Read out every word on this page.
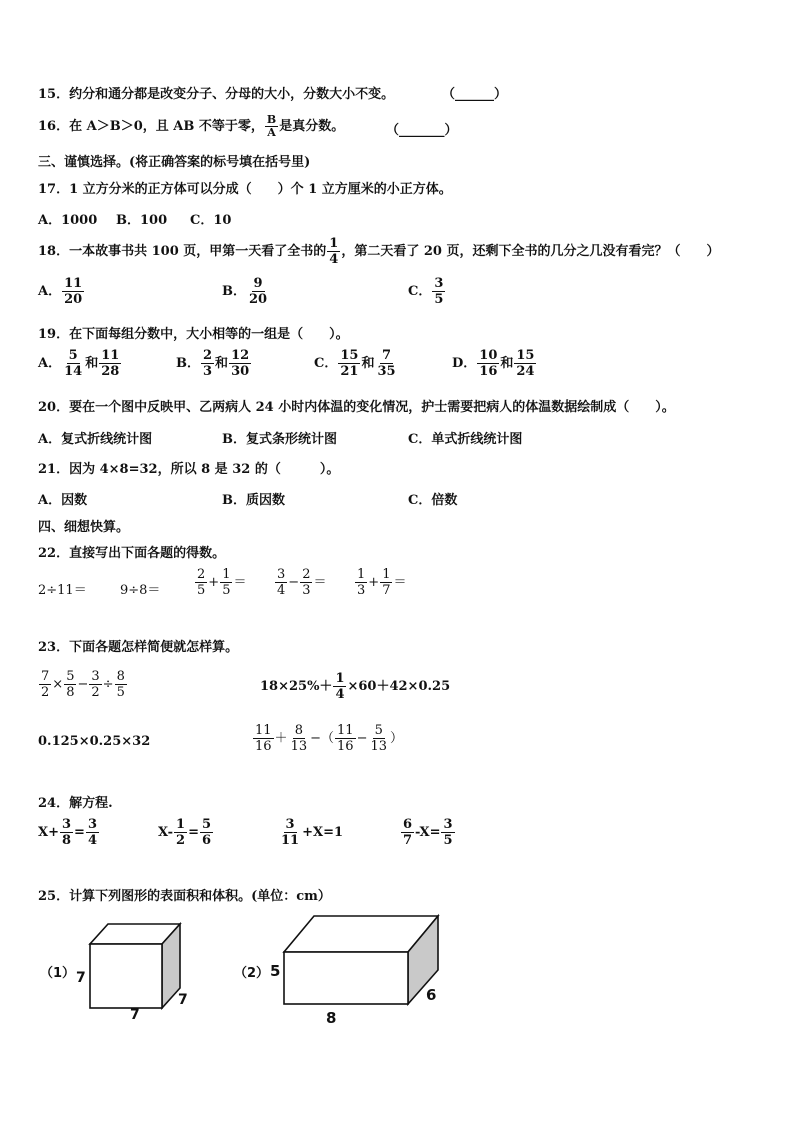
15．约分和通分都是改变分子、分母的大小，分数大小不变。	（______）
16．在 A＞B＞0，且 AB 不等于零， $\frac{B}{A}$ 是真分数。	（_______）
三、谨慎选择。(将正确答案的标号填在括号里)
17．1 立方分米的正方体可以分成（　　）个 1 立方厘米的小正方体。
A．1000 B．100 C．10
18．一本故事书共 100 页，甲第一天看了全书的 $\frac{1}{4}$ ，第二天看了 20 页，还剩下全书的几分之几没有看完？（　　）
A． $\frac{11}{20}$	B． $\frac{9}{20}$	C． $\frac{3}{5}$
19．在下面每组分数中，大小相等的一组是（　　）。
A． $\frac{5}{14}$ 和 $\frac{11}{28}$	B． $\frac{2}{3}$ 和 $\frac{12}{30}$	C． $\frac{15}{21}$ 和 $\frac{7}{35}$	D． $\frac{10}{16}$ 和 $\frac{15}{24}$
20．要在一个图中反映甲、乙两病人 24 小时内体温的变化情况，护士需要把病人的体温数据绘制成（　　）。
A．复式折线统计图	B．复式条形统计图	C．单式折线统计图
21．因为 4×8=32，所以 8 是 32 的（　　　）。
A．因数	B．质因数	C．倍数
四、细想快算。
22．直接写出下面各题的得数。
2÷11＝	9÷8＝	$\frac{2}{5} + \frac{1}{5} = \frac{3}{4} - \frac{2}{3} = \frac{1}{3} + \frac{1}{7}$ ＝
23．下面各题怎样简便就怎样算。
$\frac{7}{2} \times \frac{5}{8} - \frac{3}{2} \div \frac{8}{5}$	$18\times 25\%+ \frac{1}{4} \times 60+42\times 0.25$
0.125×0.25×32	$\frac{11}{16} + \frac{8}{13}$ −（ $\frac{11}{16} - \frac{5}{13}$ ）
24．解方程.
$X+ \frac{3}{8} = \frac{3}{4}$	$X- \frac{1}{2} = \frac{5}{6}$	$\frac{3}{11} +X=1$	$\frac{6}{7} -X= \frac{3}{5}$
25．计算下列图形的表面积和体积。(单位：cm）
（1） 7
7
7
（2） 5
8
6
